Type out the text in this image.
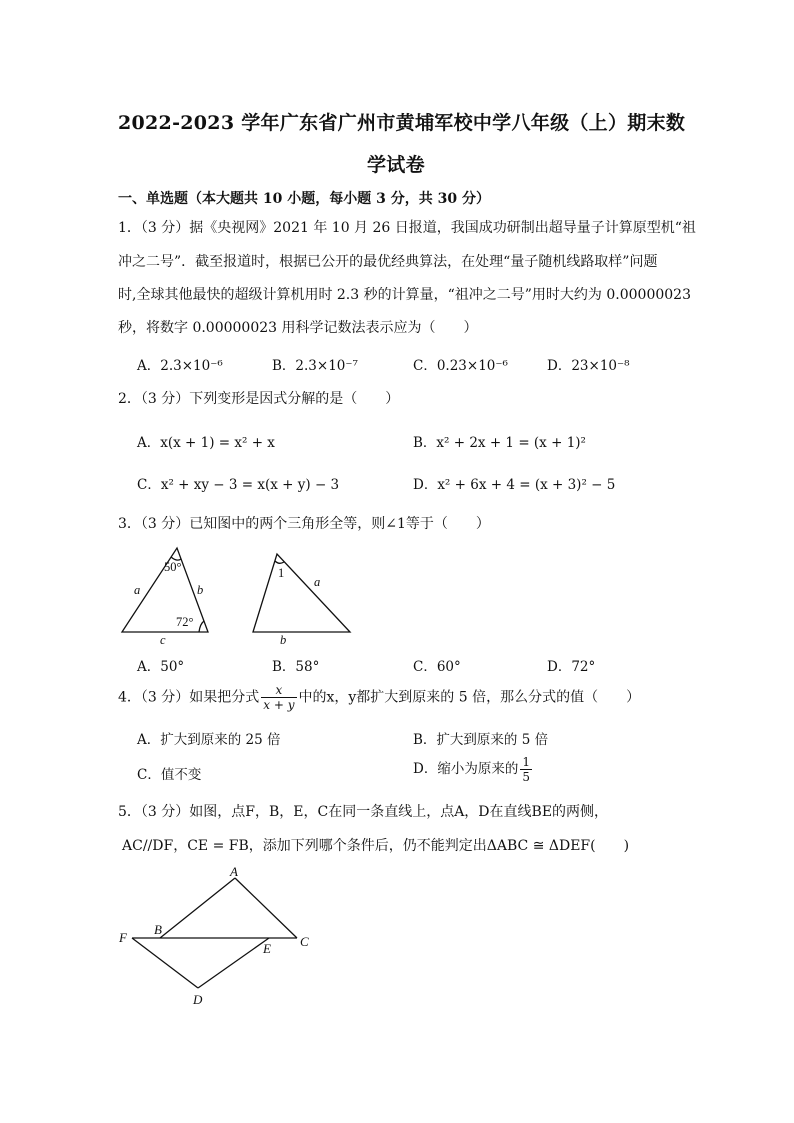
2022-2023 学年广东省广州市黄埔军校中学八年级（上）期末数
学试卷
一、单选题（本大题共 10 小题，每小题 3 分，共 30 分）
1．（3 分）据《央视网》2021 年 10 月 26 日报道，我国成功研制出超导量子计算原型机“祖
冲之二号”．截至报道时，根据已公开的最优经典算法，在处理“量子随机线路取样”问题
时,全球其他最快的超级计算机用时 2.3 秒的计算量，“祖冲之二号”用时大约为 0.00000023
秒，将数字 0.00000023 用科学记数法表示应为（　　）
A．2.3×10⁻⁶	B．2.3×10⁻⁷	C．0.23×10⁻⁶	D．23×10⁻⁸
2．（3 分）下列变形是因式分解的是（　　）
A．x(x + 1) = x² + x	B．x² + 2x + 1 = (x + 1)²
C．x² + xy − 3 = x(x + y) − 3	D．x² + 6x + 4 = (x + 3)² − 5
3．（3 分）已知图中的两个三角形全等，则∠1等于（　　）
50°
72°
a	b
c
1
a
b
A．50°	B．58°	C．60°	D．72°
4．（3 分）如果把分式 $\frac{x}{x + y}$ 中的x，y都扩大到原来的 5 倍，那么分式的值（　　）
A．扩大到原来的 25 倍	B．扩大到原来的 5 倍
C．值不变	D．缩小为原来的 $\frac{1}{5}$
5．（3 分）如图，点F，B，E，C在同一条直线上，点A，D在直线BE的两侧，
AC//DF，CE = FB，添加下列哪个条件后，仍不能判定出ΔABC ≅ ΔDEF(　　)
A
B
C
D
E
F
